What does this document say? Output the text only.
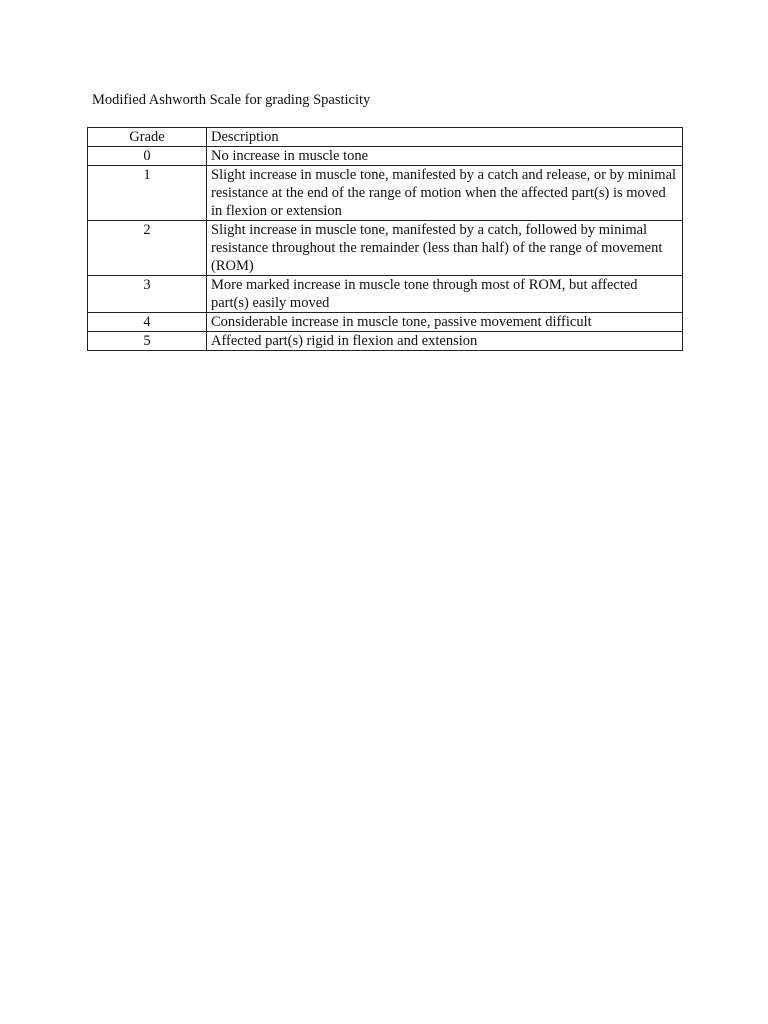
Modified Ashworth Scale for grading Spasticity
Grade	Description
0	No increase in muscle tone
1	Slight increase in muscle tone, manifested by a catch and release, or by minimal resistance at the end of the range of motion when the affected part(s) is moved in flexion or extension
2	Slight increase in muscle tone, manifested by a catch, followed by minimal resistance throughout the remainder (less than half) of the range of movement (ROM)
3	More marked increase in muscle tone through most of ROM, but affected part(s) easily moved
4	Considerable increase in muscle tone, passive movement difficult
5	Affected part(s) rigid in flexion and extension
